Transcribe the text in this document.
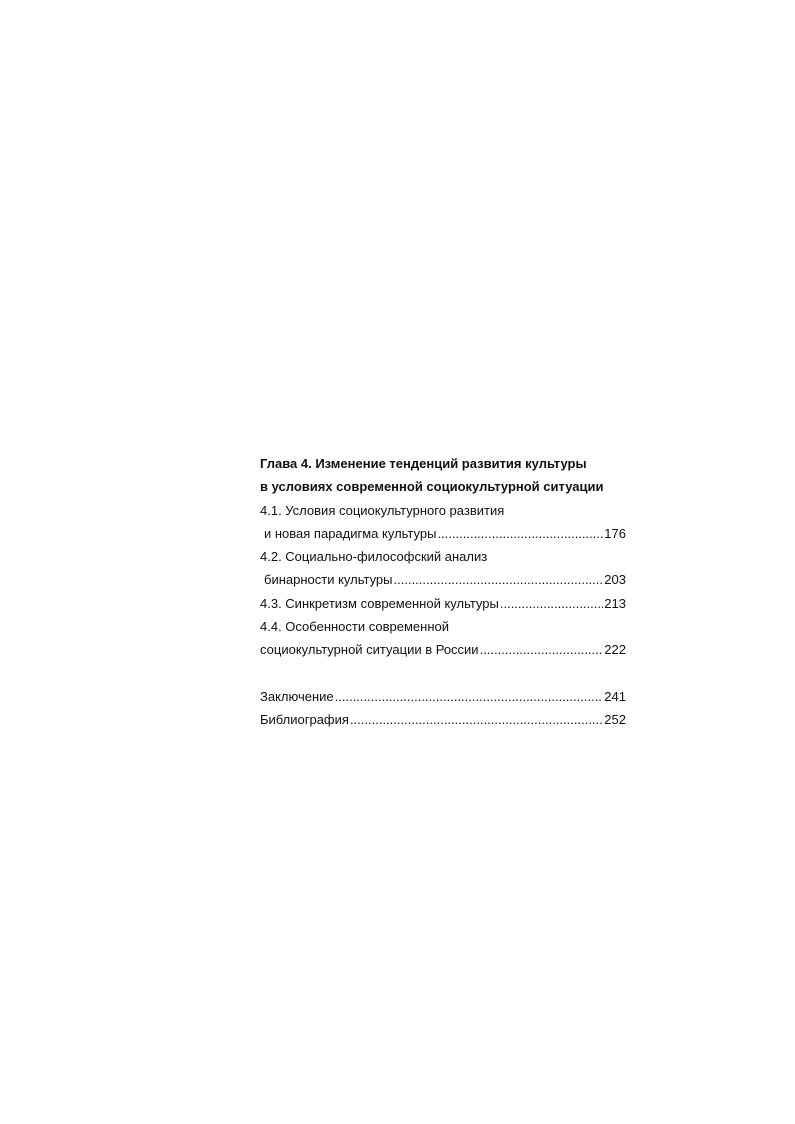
Глава 4. Изменение тенденций развития культуры
в условиях современной социокультурной ситуации
4.1. Условия социокультурного развития
и новая парадигма культуры .....	176
4.2. Социально-философский анализ
бинарности культуры .....	203
4.3. Синкретизм современной культуры .....	213
4.4. Особенности современной
социокультурной ситуации в России .....	222
Заключение .....	241
Библиография .....	252
